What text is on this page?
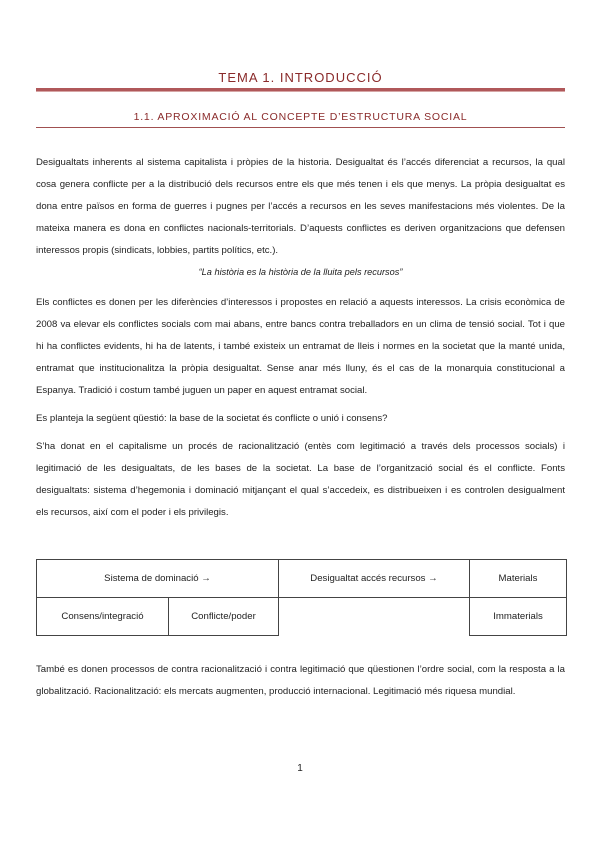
TEMA 1. INTRODUCCIÓ
1.1. APROXIMACIÓ AL CONCEPTE D’ESTRUCTURA SOCIAL
Desigualtats inherents al sistema capitalista i pròpies de la historia. Desigualtat és l’accés diferenciat a recursos, la qual cosa genera conflicte per a la distribució dels recursos entre els que més tenen i els que menys. La pròpia desigualtat es dona entre països en forma de guerres i pugnes per l’accés a recursos en les seves manifestacions més violentes. De la mateixa manera es dona en conflictes nacionals-territorials. D’aquests conflictes es deriven organitzacions que defensen interessos propis (sindicats, lobbies, partits polítics, etc.).
“La història es la història de la lluita pels recursos”
Els conflictes es donen per les diferències d’interessos i propostes en relació a aquests interessos. La crisis econòmica de 2008 va elevar els conflictes socials com mai abans, entre bancs contra treballadors en un clima de tensió social. Tot i que hi ha conflictes evidents, hi ha de latents, i també existeix un entramat de lleis i normes en la societat que la manté unida, entramat que institucionalitza la pròpia desigualtat. Sense anar més lluny, és el cas de la monarquia constitucional a Espanya. Tradició i costum també juguen un paper en aquest entramat social.
Es planteja la següent qüestió: la base de la societat és conflicte o unió i consens?
S’ha donat en el capitalisme un procés de racionalització (entès com legitimació a través dels processos socials) i legitimació de les desigualtats, de les bases de la societat. La base de l’organització social és el conflicte. Fonts desigualtats: sistema d’hegemonia i dominació mitjançant el qual s’accedeix, es distribueixen i es controlen desigualment els recursos, així com el poder i els privilegis.
Sistema de dominació →		Desigualtat accés recursos →	Materials
Consens/integració	Conflicte/poder		Immaterials
També es donen processos de contra racionalització i contra legitimació que qüestionen l’ordre social, com la resposta a la globalització. Racionalització: els mercats augmenten, producció internacional. Legitimació més riquesa mundial.
1
